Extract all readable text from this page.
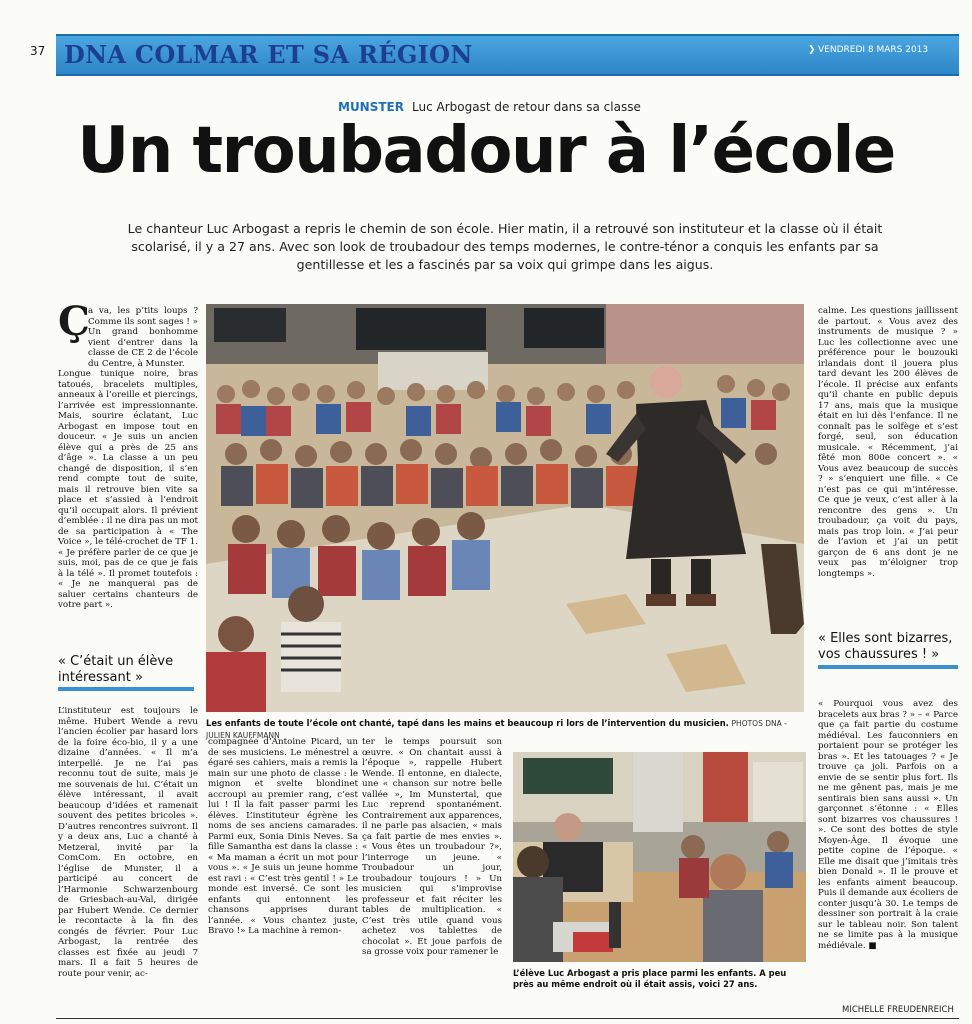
37 DNA COLMAR ET SA RÉGION	❯ VENDREDI 8 MARS 2013
MUNSTER Luc Arbogast de retour dans sa classe
Un troubadour à l’école
Le chanteur Luc Arbogast a repris le chemin de son école. Hier matin, il a retrouvé son instituteur et la classe où il était scolarisé, il y a 27 ans. Avec son look de troubadour des temps modernes, le contre-ténor a conquis les enfants par sa gentillesse et les a fascinés par sa voix qui grimpe dans les aigus.
Ç
a va, les p’tits loups ? Comme ils sont sages ! » Un grand bonhomme vient d’entrer dans la classe de CE 2 de l’école du Centre, à Munster.
Longue tunique noire, bras tatoués, bracelets multiples, anneaux à l’oreille et piercings, l’arrivée est impressionnante. Mais, sourire éclatant, Luc Arbogast en impose tout en douceur. « Je suis un ancien élève qui a près de 25 ans d’âge ». La classe a un peu changé de disposition, il s’en rend compte tout de suite, mais il retrouve bien vite sa place et s’assied à l’endroit qu’il occupait alors. Il prévient d’emblée : il ne dira pas un mot de sa participation à « The Voice », le télé-crochet de TF 1. « Je préfère parler de ce que je suis, moi, pas de ce que je fais à la télé ». Il promet toutefois : « Je ne manquerai pas de saluer certains chanteurs de votre part ».
« C’était un élève intéressant »
L’instituteur est toujours le même. Hubert Wende a revu l’ancien écolier par hasard lors de la foire éco-bio, il y a une dizaine d’années. « Il m’a interpellé. Je ne l’ai pas reconnu tout de suite, mais je me souvenais de lui. C’était un élève intéressant, il avait beaucoup d’idées et ramenait souvent des petites bricoles ». D’autres rencontres suivront. Il y a deux ans, Luc a chanté à Metzeral, invité par la ComCom. En octobre, en l’église de Munster, il a participé au concert de l’Harmonie Schwarzenbourg de Griesbach-au-Val, dirigée par Hubert Wende. Ce dernier le recontacte à la fin des congés de février. Pour Luc Arbogast, la rentrée des classes est fixée au jeudi 7 mars. Il a fait 5 heures de route pour venir, ac-
Les enfants de toute l’école ont chanté, tapé dans les mains et beaucoup ri lors de l’intervention du musicien. PHOTOS DNA - JULIEN KAUFFMANN
compagnée d’Antoine Picard, un de ses musiciens. Le ménestrel a égaré ses cahiers, mais a remis la main sur une photo de classe : le mignon et svelte blondinet accroupi au premier rang, c’est lui ! Il la fait passer parmi les élèves. L’instituteur égrène les noms de ses anciens camarades. Parmi eux, Sonia Dinis Neves. Sa fille Samantha est dans la classe : « Ma maman a écrit un mot pour vous ». « Je suis un jeune homme est ravi : « C’est très gentil ! » Le monde est inversé. Ce sont les enfants qui entonnent les chansons apprises durant l’année. « Vous chantez juste, Bravo !» La machine à remon-
ter le temps poursuit son œuvre. « On chantait aussi à l’époque », rappelle Hubert Wende. Il entonne, en dialecte, une « chanson sur notre belle vallée », Im Munstertal, que Luc reprend spontanément. Contrairement aux apparences, il ne parle pas alsacien, « mais ça fait partie de mes envies ». « Vous êtes un troubadour ?», l’interroge un jeune. « Troubadour un jour, troubadour toujours ! » Un musicien qui s’improvise professeur et fait réciter les tables de multiplication. « C’est très utile quand vous achetez vos tablettes de chocolat ». Et joue parfois de sa grosse voix pour ramener le
L’élève Luc Arbogast a pris place parmi les enfants. A peu près au même endroit où il était assis, voici 27 ans.
calme. Les questions jaillissent de partout. « Vous avez des instruments de musique ? » Luc les collectionne avec une préférence pour le bouzouki irlandais dont il jouera plus tard devant les 200 élèves de l’école. Il précise aux enfants qu’il chante en public depuis 17 ans, mais que la musique était en lui dès l’enfance. Il ne connaît pas le solfège et s’est forgé, seul, son éducation musicale. « Récemment, j’ai fêté mon 800e concert ». « Vous avez beaucoup de succès ? » s’enquiert une fille. « Ce n’est pas ce qui m’intéresse. Ce que je veux, c’est aller à la rencontre des gens ». Un troubadour, ça voit du pays, mais pas trop loin. « J’ai peur de l’avion et j’ai un petit garçon de 6 ans dont je ne veux pas m’éloigner trop longtemps ».
« Elles sont bizarres, vos chaussures ! »
« Pourquoi vous avez des bracelets aux bras ? » – « Parce que ça fait partie du costume médiéval. Les fauconniers en portaient pour se protéger les bras ». Et les tatouages ? « Je trouve ça joli. Parfois on a envie de se sentir plus fort. Ils ne me gênent pas, mais je me sentirais bien sans aussi ». Un garçonnet s’étonne : « Elles sont bizarres vos chaussures ! ». Ce sont des bottes de style Moyen-Âge. Il évoque une petite copine de l’époque. « Elle me disait que j’imitais très bien Donald ». Il le prouve et les enfants aiment beaucoup. Puis il demande aux écoliers de conter jusqu’à 30. Le temps de dessiner son portrait à la craie sur le tableau noir. Son talent ne se limite pas à la musique médiévale. ■
MICHELLE FREUDENREICH
